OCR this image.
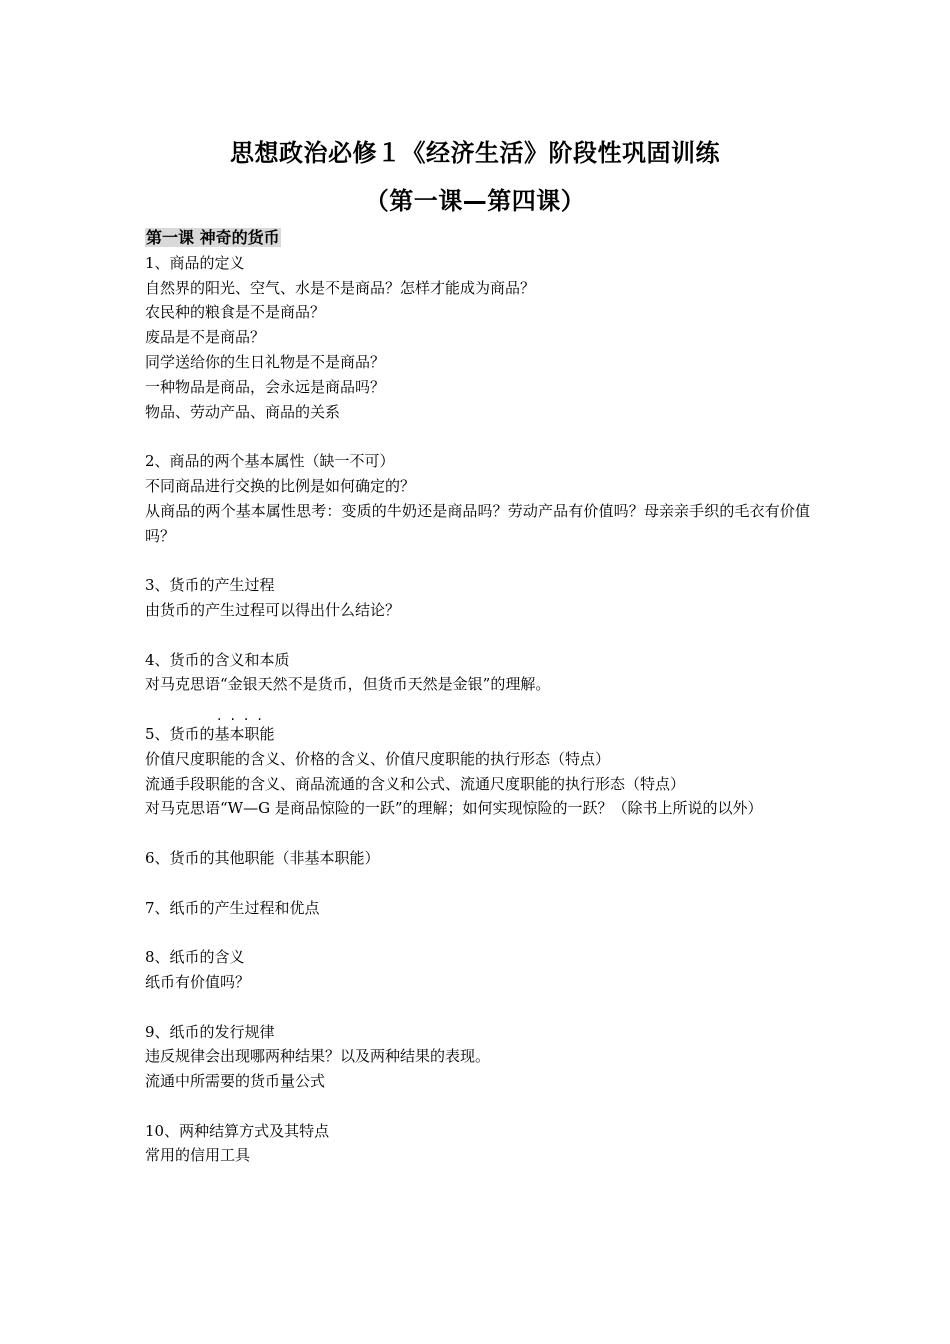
思想政治必修１《经济生活》阶段性巩固训练
（第一课—第四课）
第一课 神奇的货币
1、商品的定义
自然界的阳光、空气、水是不是商品？怎样才能成为商品？
农民种的粮食是不是商品？
废品是不是商品？
同学送给你的生日礼物是不是商品？
一种物品是商品，会永远是商品吗？
物品、劳动产品、商品的关系
2、商品的两个基本属性（缺一不可）
不同商品进行交换的比例是如何确定的？
从商品的两个基本属性思考：变质的牛奶还是商品吗？劳动产品有价值吗？母亲亲手织的毛衣有价值吗？
3、货币的产生过程
由货币的产生过程可以得出什么结论？
4、货币的含义和本质
对马克思语“金银天然不是货币，但货币天然是金银”的理解。
....
5、货币的基本职能
价值尺度职能的含义、价格的含义、价值尺度职能的执行形态（特点）
流通手段职能的含义、商品流通的含义和公式、流通尺度职能的执行形态（特点）
对马克思语“W—G 是商品惊险的一跃”的理解；如何实现惊险的一跃？（除书上所说的以外）
6、货币的其他职能（非基本职能）
7、纸币的产生过程和优点
8、纸币的含义
纸币有价值吗？
9、纸币的发行规律
违反规律会出现哪两种结果？以及两种结果的表现。
流通中所需要的货币量公式
10、两种结算方式及其特点
常用的信用工具
